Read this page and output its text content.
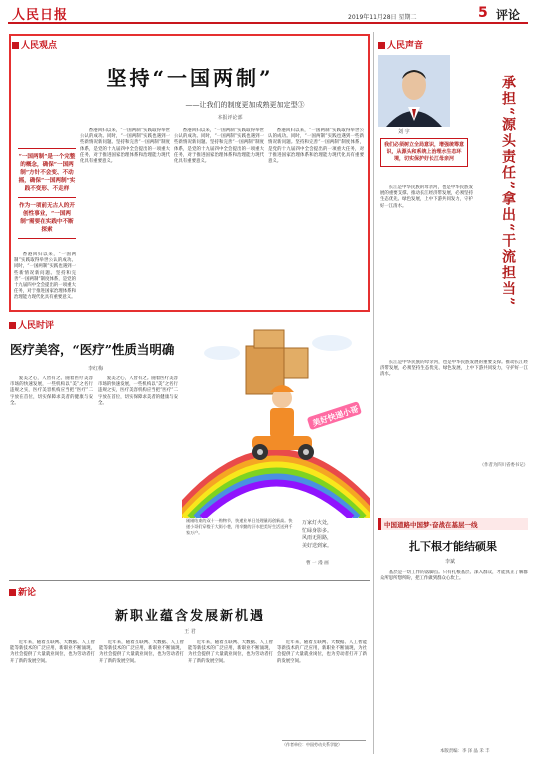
人民日报	2019年11月28日 星期二	5 评论
人民观点
坚持“一国两制”
——让我们的制度更加成熟更加定型③
本报评论部
“一国两制”是一个完整的概念，确保“一国两制”方针不会变、不动摇，确保“一国两制”实践不变形、不走样
作为一项前无古人的开创性事业，“一国两制”需要在实践中不断探索

香港回归以来，“一国两制”实践取得举世公认的成功。同时，“一国两制”实践也遇到一些新情况新问题。坚持和完善“一国两制”制度体系，是党的十九届四中全会提出的一项重大任务，对于推进国家治理体系和治理能力现代化具有重要意义。

香港回归以来，“一国两制”实践取得举世公认的成功。同时，“一国两制”实践也遇到一些新情况新问题。坚持和完善“一国两制”制度体系，是党的十九届四中全会提出的一项重大任务，对于推进国家治理体系和治理能力现代化具有重要意义。

香港回归以来，“一国两制”实践取得举世公认的成功。同时，“一国两制”实践也遇到一些新情况新问题。坚持和完善“一国两制”制度体系，是党的十九届四中全会提出的一项重大任务，对于推进国家治理体系和治理能力现代化具有重要意义。

香港回归以来，“一国两制”实践取得举世公认的成功。同时，“一国两制”实践也遇到一些新情况新问题。坚持和完善“一国两制”制度体系，是党的十九届四中全会提出的一项重大任务，对于推进国家治理体系和治理能力现代化具有重要意义。

人民时评
医疗美容，“医疗”性质当明确
李红梅

爱美之心，人皆有之。随着医疗美容市场的快速发展，一些机构以“美”之名行违规之实，医疗美容机构应当把“医疗”二字放在首位，切实保障求美者的健康与安全。

爱美之心，人皆有之。随着医疗美容市场的快速发展，一些机构以“美”之名行违规之实，医疗美容机构应当把“医疗”二字放在首位，切实保障求美者的健康与安全。

美好快递小哥
刚刚结束的双十一购物节，快递业单日处理量再创新高。快递小哥们穿梭于大街小巷，用辛勤的汗水把美好生活送到千家万户。
万家灯火处，
忙碌身影多。
风雨无阻路，
美好送到家。
曹 一 漫 画
新论
新职业蕴含发展新机遇
王 君

近年来，随着互联网、大数据、人工智能等新技术的广泛应用，新职业不断涌现，为社会提供了大量就业岗位，也为劳动者打开了新的发展空间。

近年来，随着互联网、大数据、人工智能等新技术的广泛应用，新职业不断涌现，为社会提供了大量就业岗位，也为劳动者打开了新的发展空间。

近年来，随着互联网、大数据、人工智能等新技术的广泛应用，新职业不断涌现，为社会提供了大量就业岗位，也为劳动者打开了新的发展空间。

近年来，随着互联网、大数据、人工智能等新技术的广泛应用，新职业不断涌现，为社会提供了大量就业岗位，也为劳动者打开了新的发展空间。

（作者单位：中国劳动关系学院）
人民声音
刘 宇	承担“源头责任”拿出“干流担当”
我们必须树立全局意识，增强统筹意识，从源头和系统上治理水生态环境，切实保护好长江母亲河

长江是中华民族的母亲河，也是中华民族发展的重要支撑。推动长江经济带发展，必须坚持生态优先、绿色发展，上中下游共同发力，守护好一江清水。

长江是中华民族的母亲河，也是中华民族发展的重要支撑。推动长江经济带发展，必须坚持生态优先、绿色发展，上中下游共同发力，守护好一江清水。

（作者为四川省委书记）
中国道路中国梦·奋战在基层一线
扎下根才能结硕果
李斌

基层是一切工作的落脚点。只有扎根基层、深入群众，才能真正了解群众所思所想所盼，把工作做到群众心坎上。

本版责编：李 泽 晶 禾 丰
